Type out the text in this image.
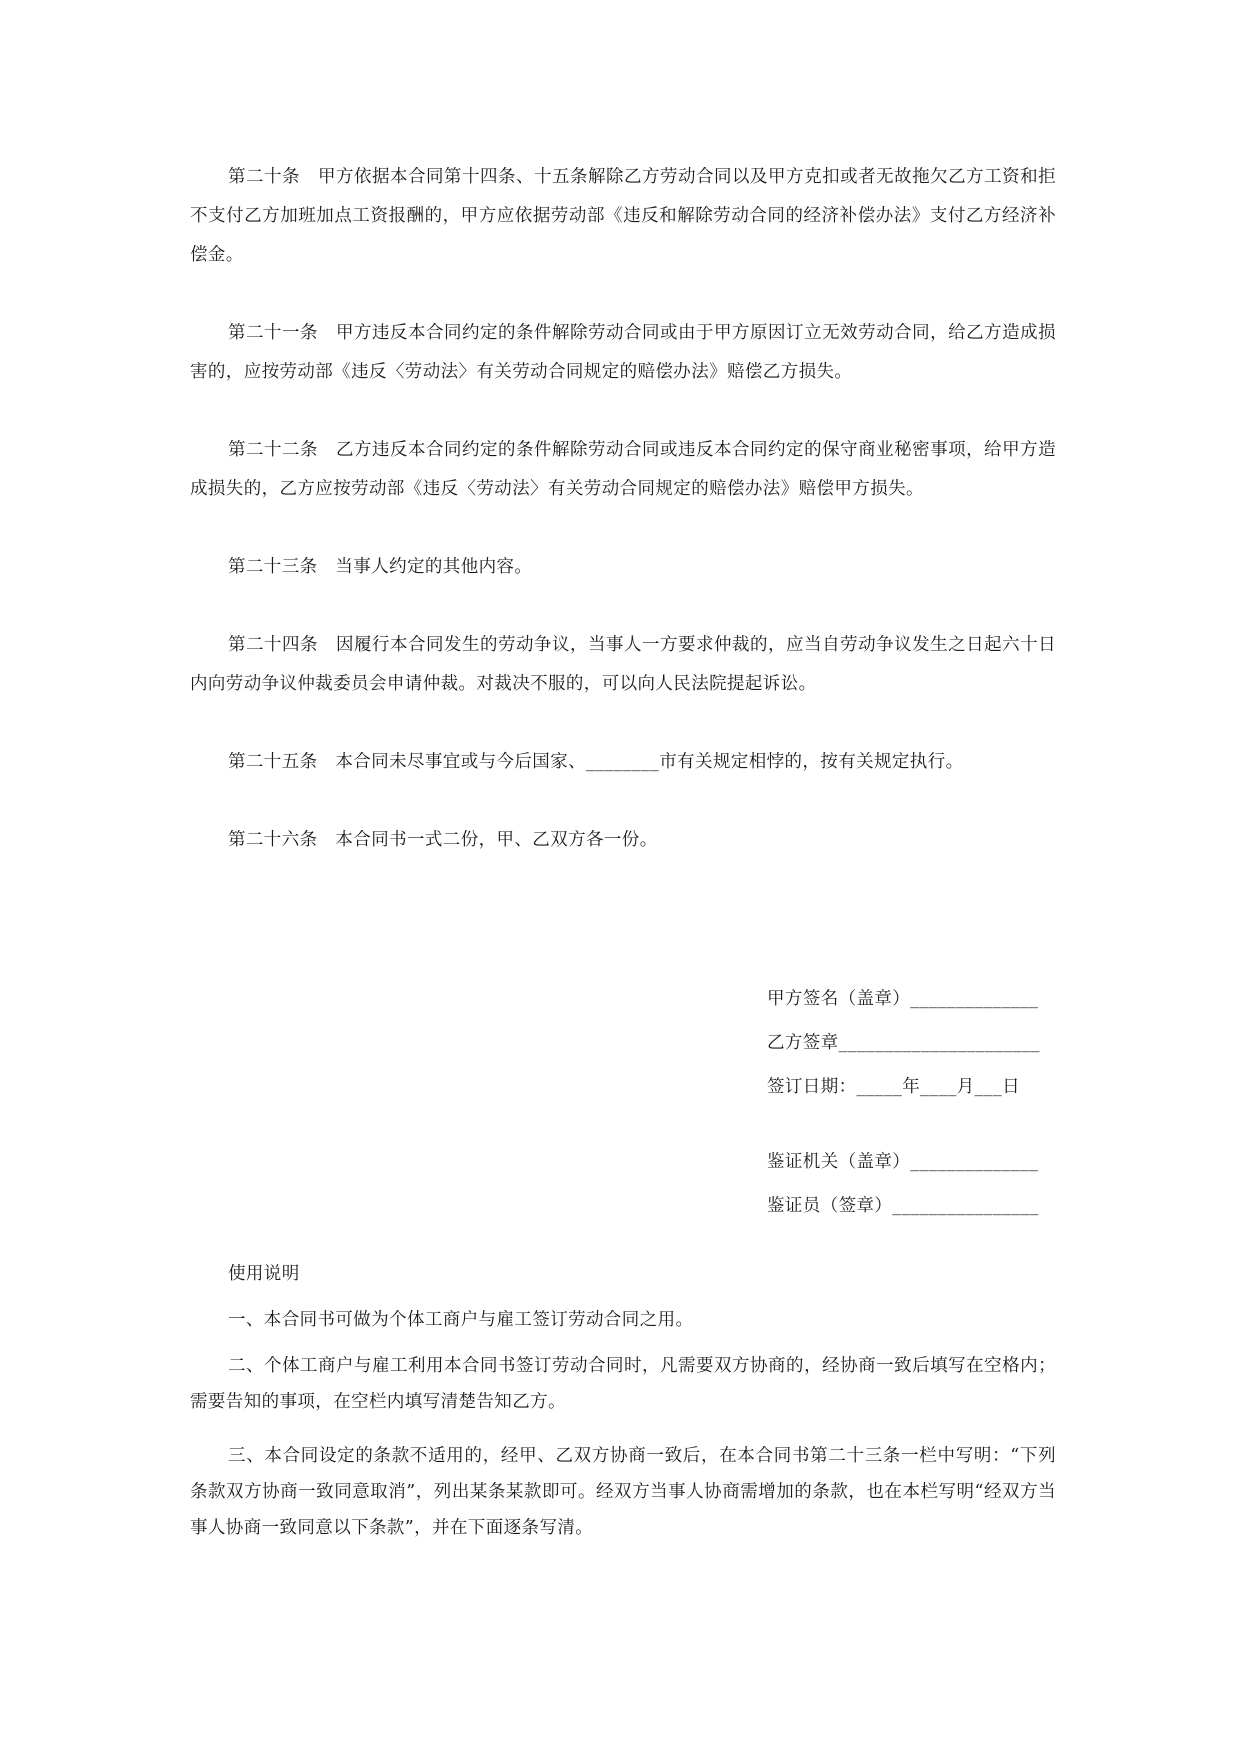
第二十条　甲方依据本合同第十四条、十五条解除乙方劳动合同以及甲方克扣或者无故拖欠乙方工资和拒不支付乙方加班加点工资报酬的，甲方应依据劳动部《违反和解除劳动合同的经济补偿办法》支付乙方经济补偿金。

第二十一条　甲方违反本合同约定的条件解除劳动合同或由于甲方原因订立无效劳动合同，给乙方造成损害的，应按劳动部《违反〈劳动法〉有关劳动合同规定的赔偿办法》赔偿乙方损失。

第二十二条　乙方违反本合同约定的条件解除劳动合同或违反本合同约定的保守商业秘密事项，给甲方造成损失的，乙方应按劳动部《违反〈劳动法〉有关劳动合同规定的赔偿办法》赔偿甲方损失。

第二十三条　当事人约定的其他内容。

第二十四条　因履行本合同发生的劳动争议，当事人一方要求仲裁的，应当自劳动争议发生之日起六十日内向劳动争议仲裁委员会申请仲裁。对裁决不服的，可以向人民法院提起诉讼。

第二十五条　本合同未尽事宜或与今后国家、________市有关规定相悖的，按有关规定执行。

第二十六条　本合同书一式二份，甲、乙双方各一份。

甲方签名（盖章）______________

乙方签章______________________

签订日期：_____年____月___日

鉴证机关（盖章）______________

鉴证员（签章）________________

使用说明

一、本合同书可做为个体工商户与雇工签订劳动合同之用。

二、个体工商户与雇工利用本合同书签订劳动合同时，凡需要双方协商的，经协商一致后填写在空格内；需要告知的事项，在空栏内填写清楚告知乙方。

三、本合同设定的条款不适用的，经甲、乙双方协商一致后，在本合同书第二十三条一栏中写明：“下列条款双方协商一致同意取消”，列出某条某款即可。经双方当事人协商需增加的条款，也在本栏写明“经双方当事人协商一致同意以下条款”，并在下面逐条写清。
